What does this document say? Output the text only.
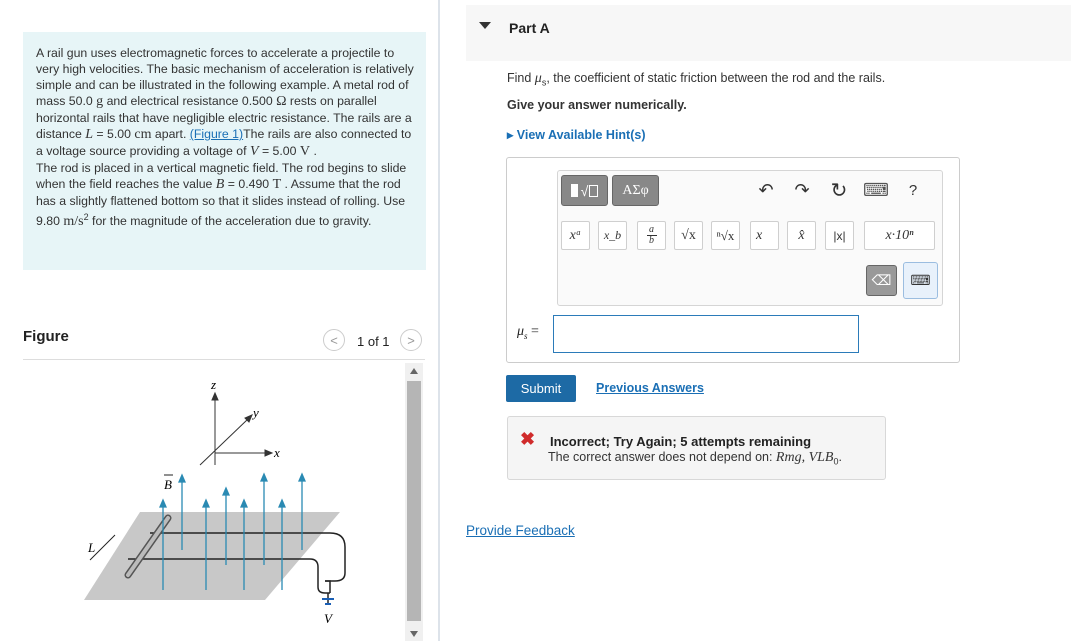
A rail gun uses electromagnetic forces to accelerate a projectile to very high velocities. The basic mechanism of acceleration is relatively simple and can be illustrated in the following example. A metal rod of mass 50.0 g and electrical resistance 0.500 Ω rests on parallel horizontal rails that have negligible electric resistance. The rails are a distance L = 5.00 cm apart. (Figure 1)The rails are also connected to a voltage source providing a voltage of V = 5.00 V .

The rod is placed in a vertical magnetic field. The rod begins to slide when the field reaches the value B = 0.490 T . Assume that the rod has a slightly flattened bottom so that it slides instead of rolling. Use 9.80 $m/s^2$ for the magnitude of the acceleration due to gravity.

Figure	<	1 of 1	>
z
x
y
V
L
B
Part A
Find $\mu_s$, the coefficient of static friction between the rod and the rails.
Give your answer numerically.
▸ View Available Hint(s)
√	ΑΣφ	↶ ↷ ↻ ⌨	?
xᵃ	x_b	a
b	√x	ⁿ√x	x⃗	x̂	|x|	x·10ⁿ
⌫	⌨
$\mu_s$ =
Submit	Previous Answers
✖ Incorrect; Try Again; 5 attempts remaining
The correct answer does not depend on: Rmg, $VLB_0$.
Provide Feedback
